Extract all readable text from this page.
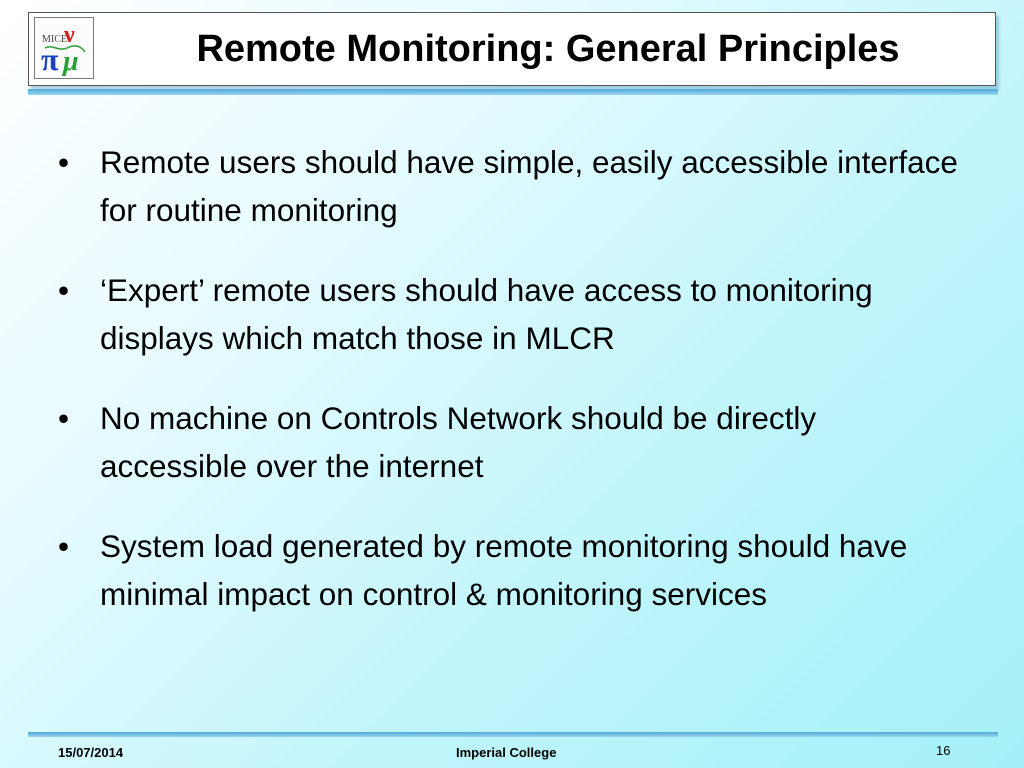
MICE
ν
π μ	Remote Monitoring: General Principles
• Remote users should have simple, easily accessible interface for routine monitoring
• ‘Expert’ remote users should have access to monitoring displays which match those in MLCR
• No machine on Controls Network should be directly accessible over the internet
• System load generated by remote monitoring should have minimal impact on control & monitoring services
15/07/2014	Imperial College	16
